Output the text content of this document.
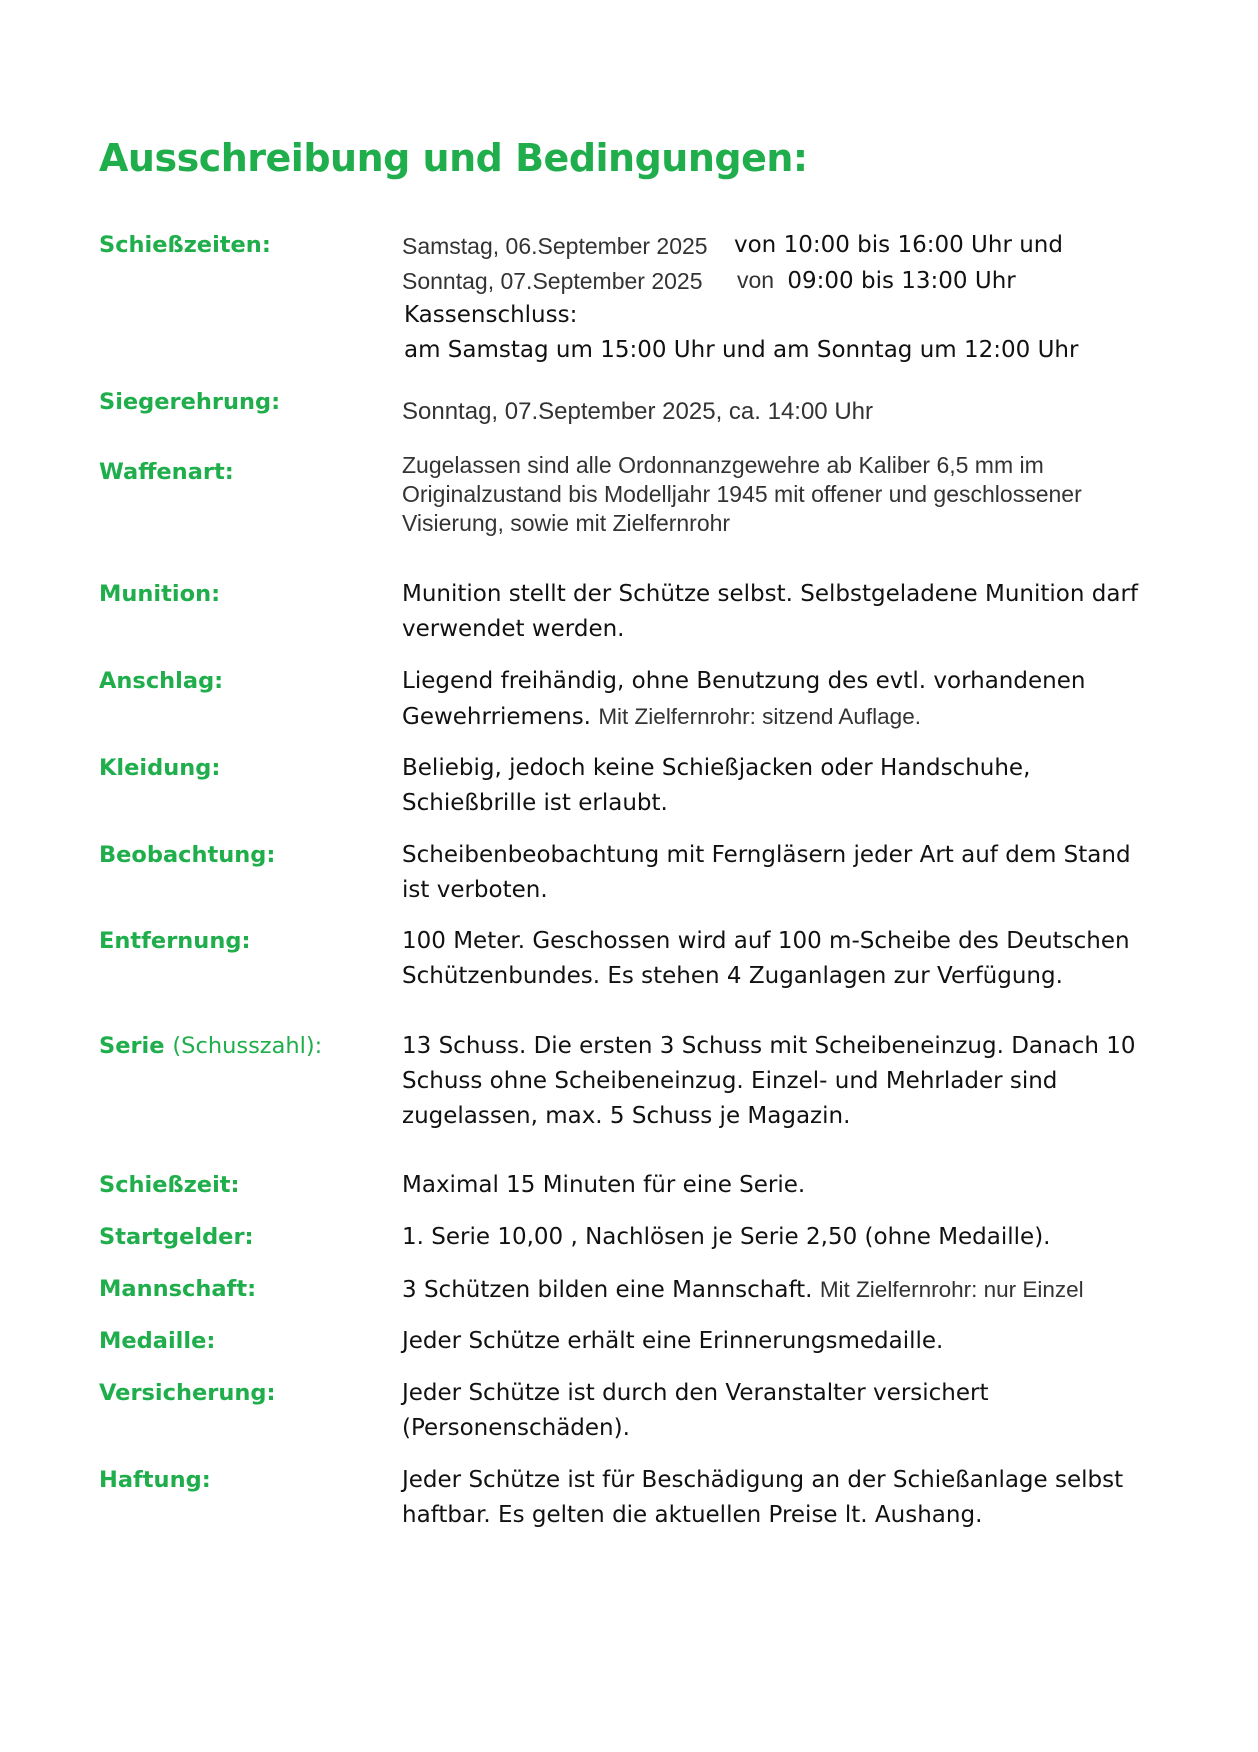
Ausschreibung und Bedingungen:
Schießzeiten:	Samstag, 06.September 2025 von 10:00 bis 16:00 Uhr und
Sonntag, 07.September 2025 von 09:00 bis 13:00 Uhr
Kassenschluss:
am Samstag um 15:00 Uhr und am Sonntag um 12:00 Uhr
Siegerehrung:	Sonntag, 07.September 2025, ca. 14:00 Uhr
Waffenart:	Zugelassen sind alle Ordonnanzgewehre ab Kaliber 6,5 mm im
Originalzustand bis Modelljahr 1945 mit offener und geschlossener
Visierung, sowie mit Zielfernrohr
Munition:	Munition stellt der Schütze selbst. Selbstgeladene Munition darf
verwendet werden.
Anschlag:	Liegend freihändig, ohne Benutzung des evtl. vorhandenen
Gewehrriemens. Mit Zielfernrohr: sitzend Auflage.
Kleidung:	Beliebig, jedoch keine Schießjacken oder Handschuhe,
Schießbrille ist erlaubt.
Beobachtung:	Scheibenbeobachtung mit Ferngläsern jeder Art auf dem Stand
ist verboten.
Entfernung:	100 Meter. Geschossen wird auf 100 m-Scheibe des Deutschen
Schützenbundes. Es stehen 4 Zuganlagen zur Verfügung.
Serie (Schusszahl):	13 Schuss. Die ersten 3 Schuss mit Scheibeneinzug. Danach 10
Schuss ohne Scheibeneinzug. Einzel- und Mehrlader sind
zugelassen, max. 5 Schuss je Magazin.
Schießzeit:	Maximal 15 Minuten für eine Serie.
Startgelder:	1. Serie 10,00 , Nachlösen je Serie 2,50 (ohne Medaille).
Mannschaft:	3 Schützen bilden eine Mannschaft. Mit Zielfernrohr: nur Einzel
Medaille:	Jeder Schütze erhält eine Erinnerungsmedaille.
Versicherung:	Jeder Schütze ist durch den Veranstalter versichert
(Personenschäden).
Haftung:	Jeder Schütze ist für Beschädigung an der Schießanlage selbst
haftbar. Es gelten die aktuellen Preise lt. Aushang.
